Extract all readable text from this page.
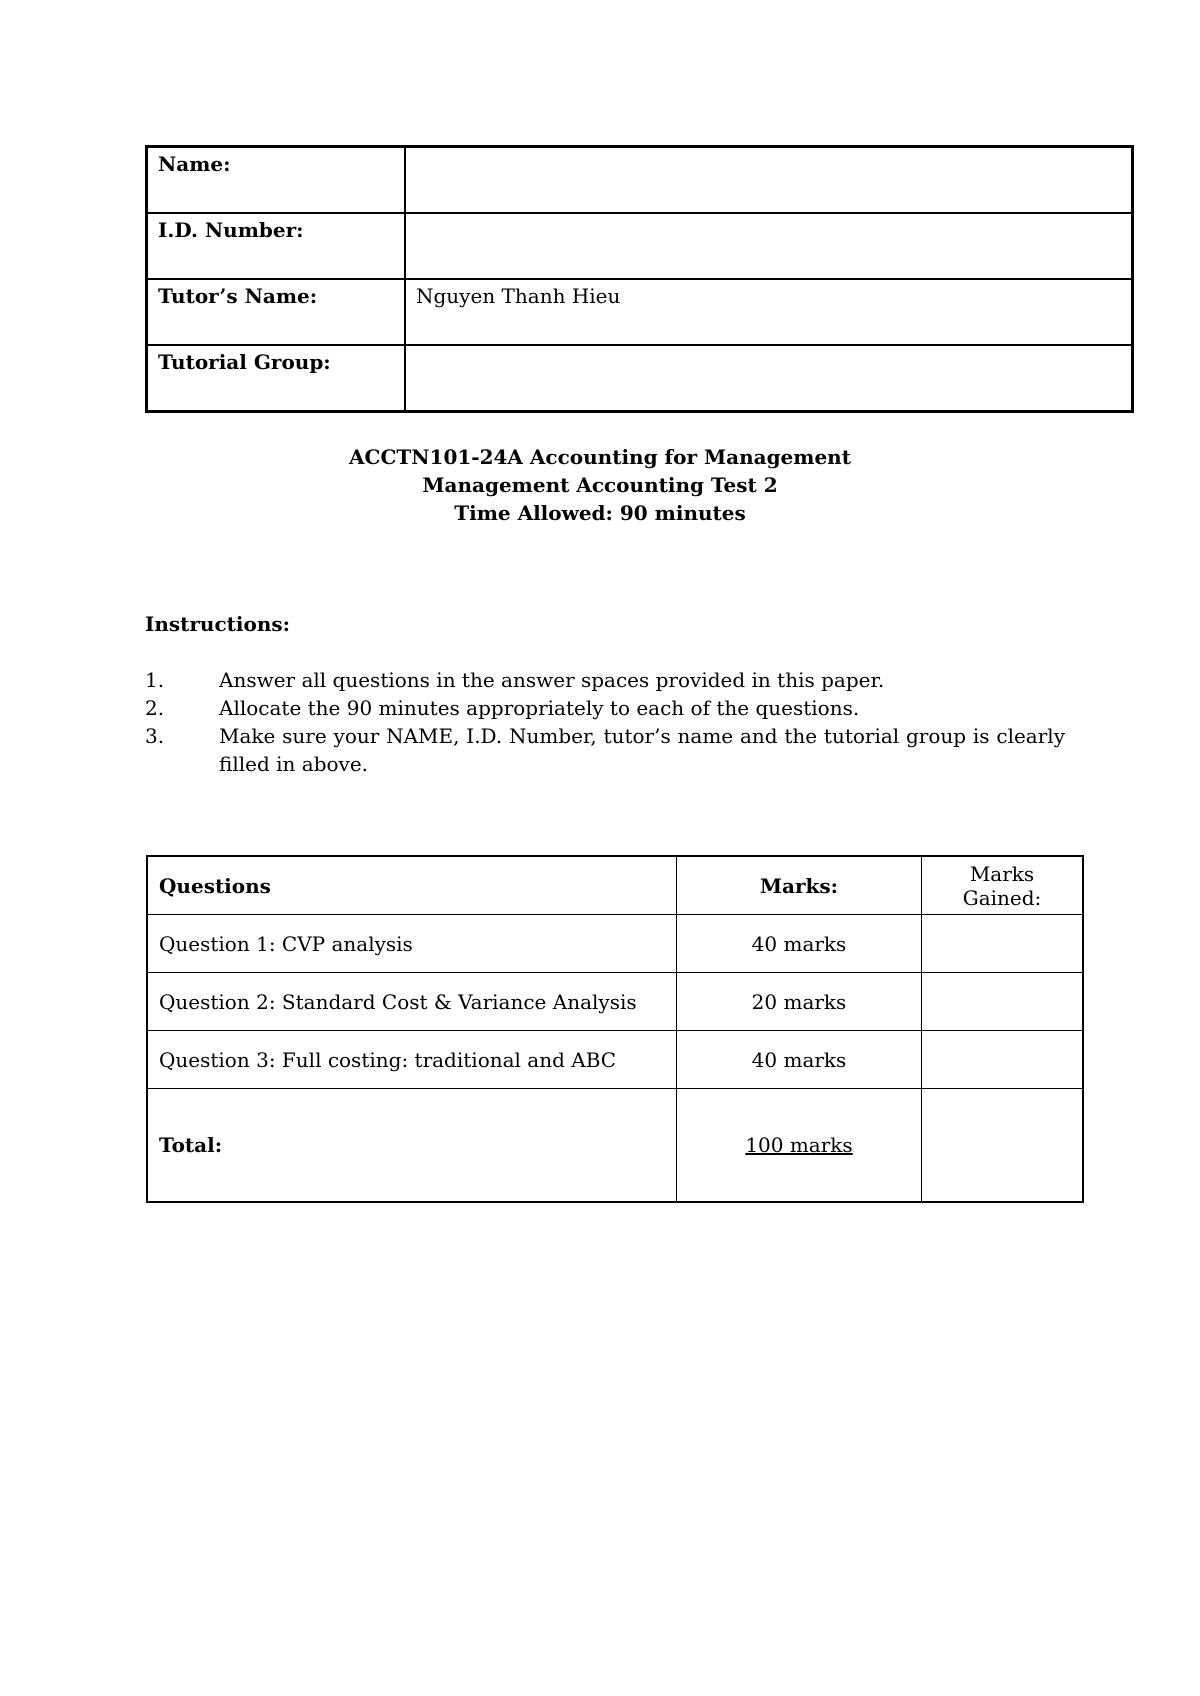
Name:	
I.D. Number:	
Tutor’s Name:	Nguyen Thanh Hieu
Tutorial Group:	
ACCTN101-24A Accounting for Management
Management Accounting Test 2
Time Allowed: 90 minutes
Instructions:
1.	Answer all questions in the answer spaces provided in this paper.
2.	Allocate the 90 minutes appropriately to each of the questions.
3.	Make sure your NAME, I.D. Number, tutor’s name and the tutorial group is clearly filled in above.
Questions	Marks:	Marks Gained:
Question 1: CVP analysis	40 marks	
Question 2: Standard Cost & Variance Analysis	20 marks	
Question 3: Full costing: traditional and ABC	40 marks	
Total:	100 marks	
